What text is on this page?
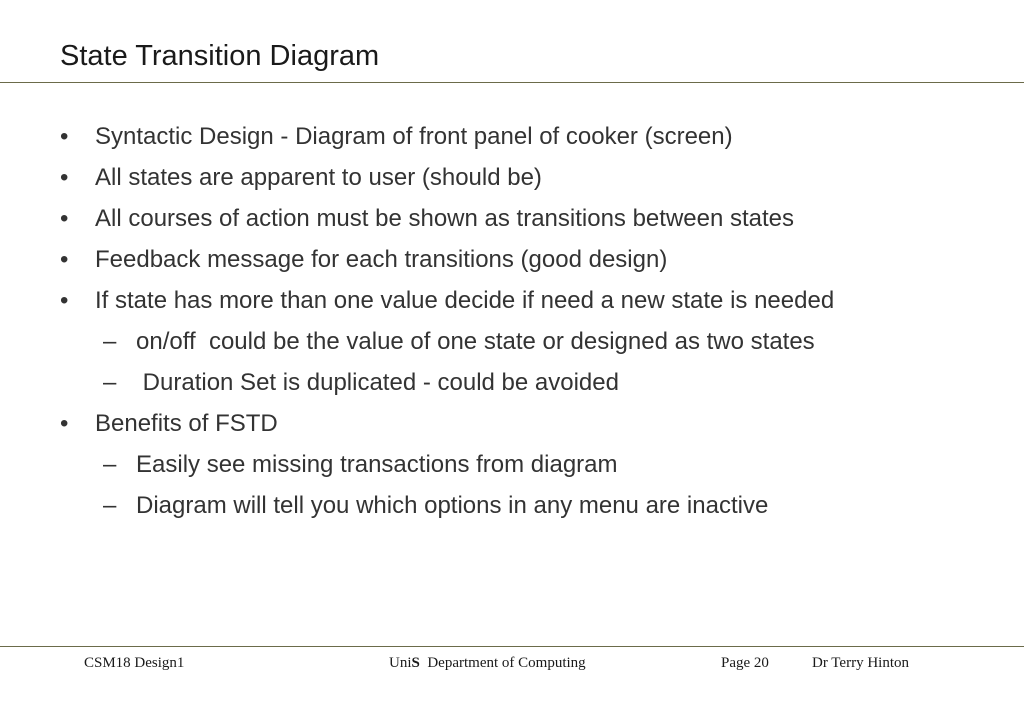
State Transition Diagram
• Syntactic Design - Diagram of front panel of cooker (screen)
• All states are apparent to user (should be)
• All courses of action must be shown as transitions between states
• Feedback message for each transitions (good design)
• If state has more than one value decide if need a new state is needed
– on/off  could be the value of one state or designed as two states
– Duration Set is duplicated - could be avoided
• Benefits of FSTD
– Easily see missing transactions from diagram
– Diagram will tell you which options in any menu are inactive
CSM18 Design1	UniS  Department of Computing	Page 20	Dr Terry Hinton
